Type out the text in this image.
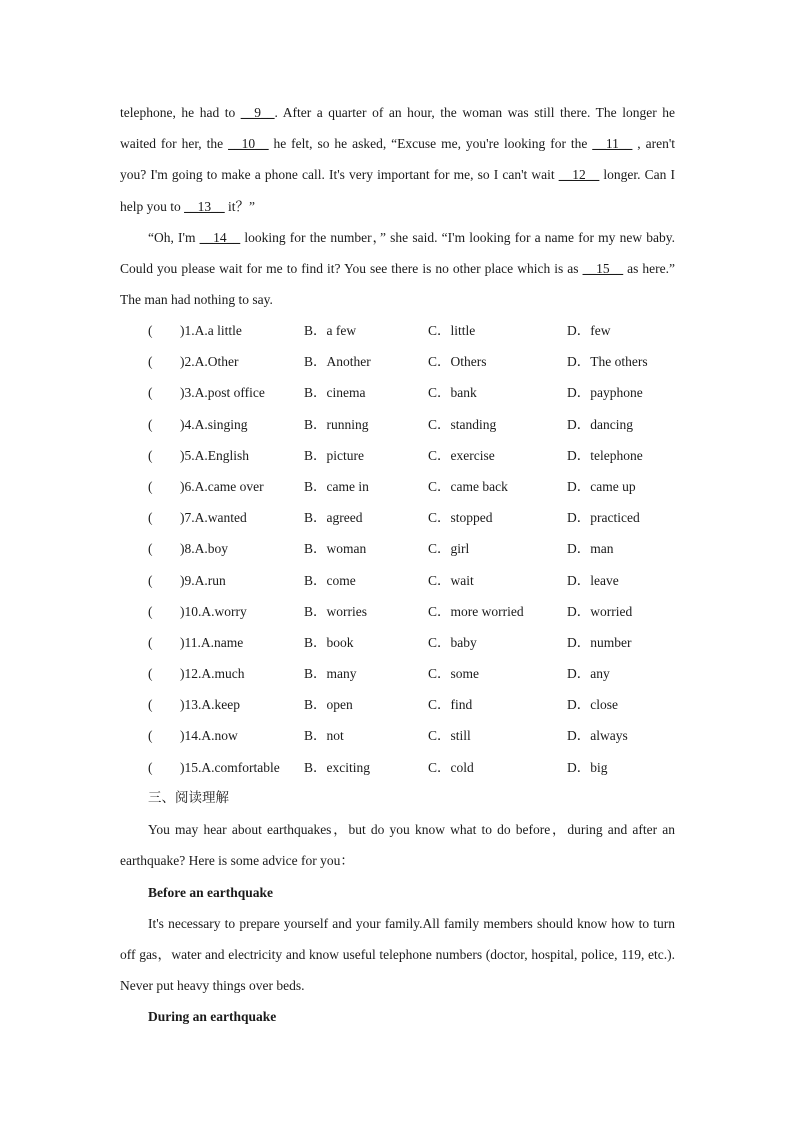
telephone, he had to __9__. After a quarter of an hour, the woman was still there. The longer he waited for her, the __10__ he felt, so he asked, “Excuse me, you're looking for the __11__ , aren't you? I'm going to make a phone call. It's very important for me, so I can't wait __12__ longer. Can I help you to __13__ it？”
“Oh, I'm __14__ looking for the number，” she said. “I'm looking for a name for my new baby. Could you please wait for me to find it? You see there is no other place which is as __15__ as here.” The man had nothing to say.
( )1.A.a little	B．a few	C．little	D．few
( )2.A.Other	B．Another	C．Others	D．The others
( )3.A.post office	B．cinema	C．bank	D．payphone
( )4.A.singing	B．running	C．standing	D．dancing
( )5.A.English	B．picture	C．exercise	D．telephone
( )6.A.came over	B．came in	C．came back	D．came up
( )7.A.wanted	B．agreed	C．stopped	D．practiced
( )8.A.boy	B．woman	C．girl	D．man
( )9.A.run	B．come	C．wait	D．leave
( )10.A.worry	B．worries	C．more worried	D．worried
( )11.A.name	B．book	C．baby	D．number
( )12.A.much	B．many	C．some	D．any
( )13.A.keep	B．open	C．find	D．close
( )14.A.now	B．not	C．still	D．always
( )15.A.comfortable B．exciting	C．cold	D．big
三、阅读理解
You may hear about earthquakes，but do you know what to do before，during and after an earthquake? Here is some advice for you：
Before an earthquake
It's necessary to prepare yourself and your family.All family members should know how to turn off gas，water and electricity and know useful telephone numbers (doctor, hospital, police, 119, etc.). Never put heavy things over beds.
During an earthquake
